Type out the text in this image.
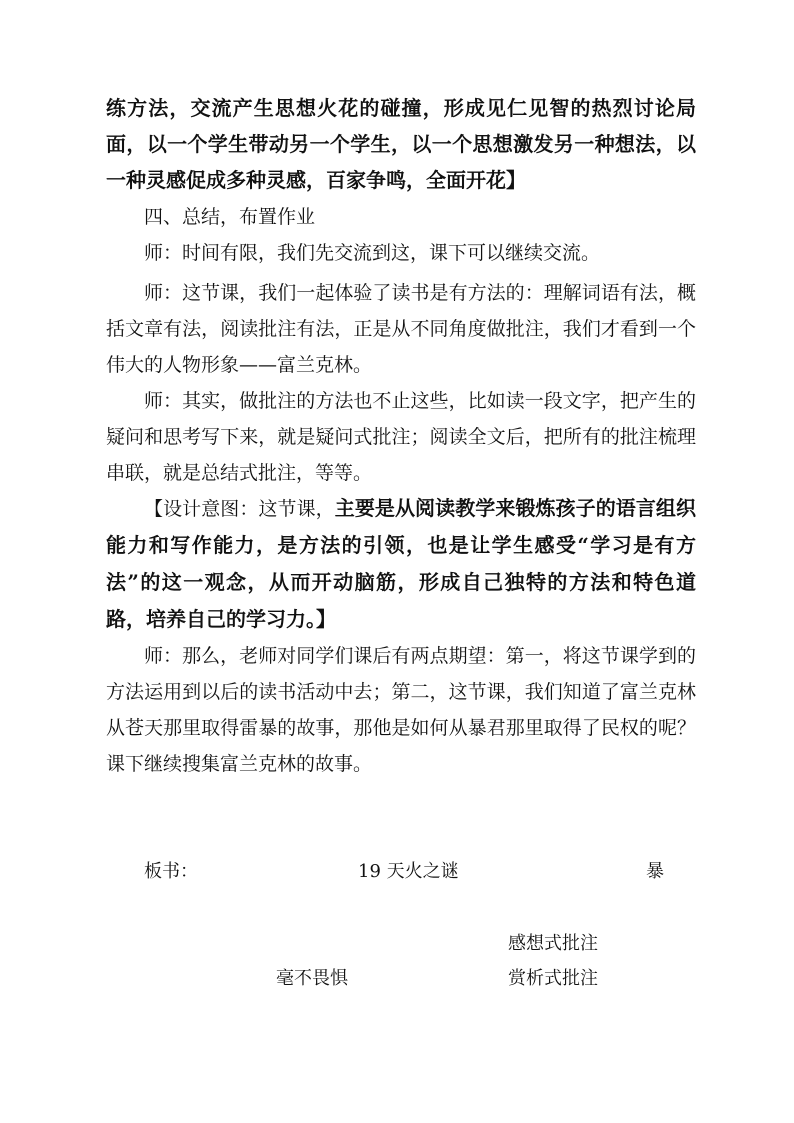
练方法，交流产生思想火花的碰撞，形成见仁见智的热烈讨论局面，以一个学生带动另一个学生，以一个思想激发另一种想法，以一种灵感促成多种灵感，百家争鸣，全面开花】

四、总结，布置作业

师：时间有限，我们先交流到这，课下可以继续交流。

师：这节课，我们一起体验了读书是有方法的：理解词语有法，概括文章有法，阅读批注有法，正是从不同角度做批注，我们才看到一个伟大的人物形象——富兰克林。

师：其实，做批注的方法也不止这些，比如读一段文字，把产生的疑问和思考写下来，就是疑问式批注；阅读全文后，把所有的批注梳理串联，就是总结式批注，等等。

【设计意图：这节课，主要是从阅读教学来锻炼孩子的语言组织能力和写作能力，是方法的引领，也是让学生感受“学习是有方法”的这一观念，从而开动脑筋，形成自己独特的方法和特色道路，培养自己的学习力。】

师：那么，老师对同学们课后有两点期望：第一，将这节课学到的方法运用到以后的读书活动中去；第二，这节课，我们知道了富兰克林从苍天那里取得雷暴的故事，那他是如何从暴君那里取得了民权的呢？课下继续搜集富兰克林的故事。

板书：	19 天火之谜	暴
感想式批注
毫不畏惧	赏析式批注
